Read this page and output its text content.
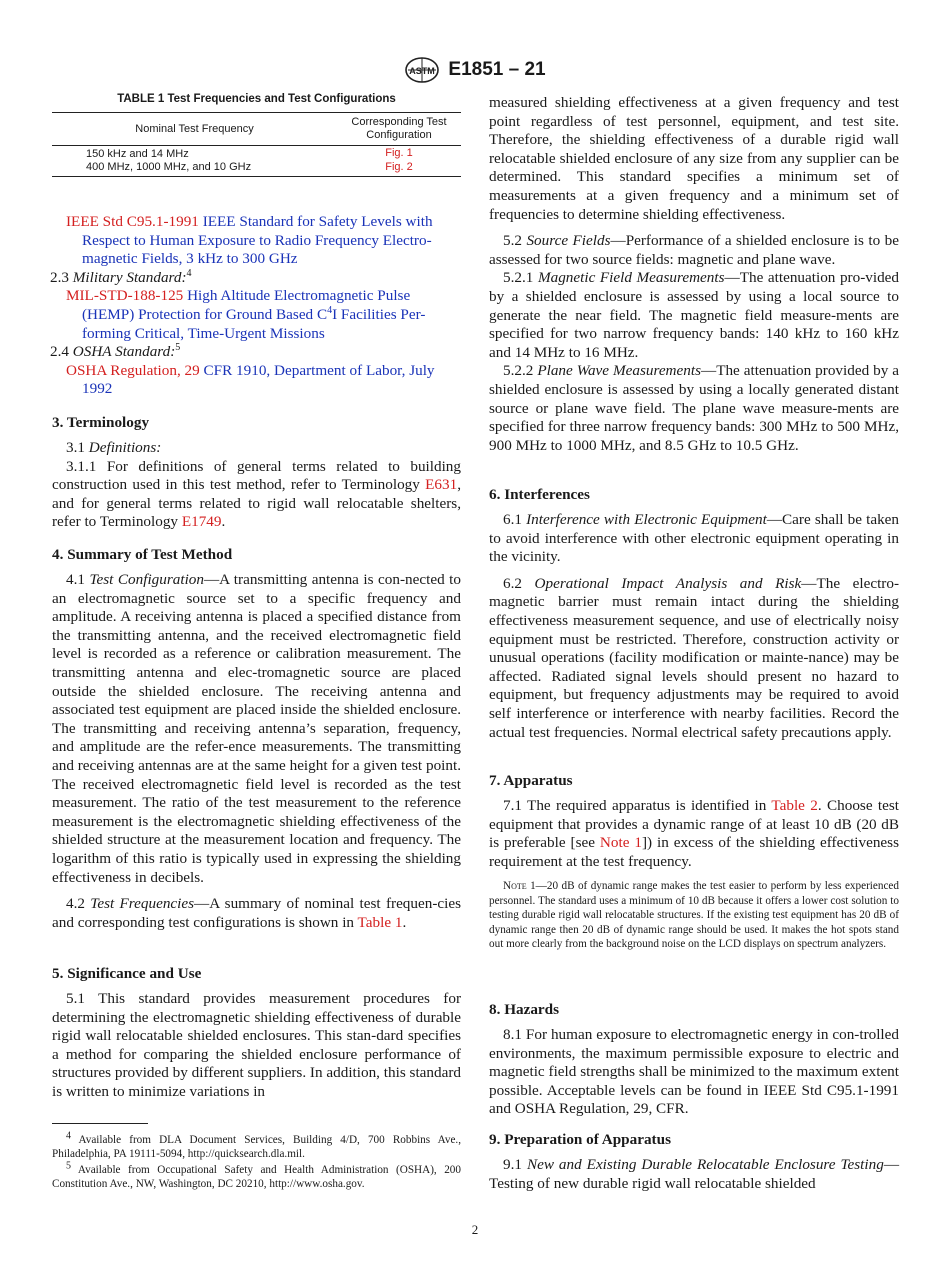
ASTM E1851 – 21
TABLE 1 Test Frequencies and Test Configurations
Nominal Test Frequency	Corresponding Test Configuration
150 kHz and 14 MHz	Fig. 1
400 MHz, 1000 MHz, and 10 GHz	Fig. 2

IEEE Std C95.1-1991 IEEE Standard for Safety Levels with Respect to Human Exposure to Radio Frequency Electro-magnetic Fields, 3 kHz to 300 GHz

2.3 Military Standard:$^4$

MIL-STD-188-125 High Altitude Electromagnetic Pulse (HEMP) Protection for Ground Based $C^4I$ Facilities Per-forming Critical, Time-Urgent Missions

2.4 OSHA Standard:$^5$

OSHA Regulation, 29 CFR 1910, Department of Labor, July 1992

3. Terminology

3.1 Definitions:

3.1.1 For definitions of general terms related to building construction used in this test method, refer to Terminology E631, and for general terms related to rigid wall relocatable shelters, refer to Terminology E1749.

4. Summary of Test Method

4.1 Test Configuration—A transmitting antenna is con-nected to an electromagnetic source set to a specific frequency and amplitude. A receiving antenna is placed a specified distance from the transmitting antenna, and the received electromagnetic field level is recorded as a reference or calibration measurement. The transmitting antenna and elec-tromagnetic source are placed outside the shielded enclosure. The receiving antenna and associated test equipment are placed inside the shielded enclosure. The transmitting and receiving antenna’s separation, frequency, and amplitude are the refer-ence measurements. The transmitting and receiving antennas are at the same height for a given test point. The received electromagnetic field level is recorded as the test measurement. The ratio of the test measurement to the reference measurement is the electromagnetic shielding effectiveness of the shielded structure at the measurement location and frequency. The logarithm of this ratio is typically used in expressing the shielding effectiveness in decibels.

4.2 Test Frequencies—A summary of nominal test frequen-cies and corresponding test configurations is shown in Table 1.

5. Significance and Use

5.1 This standard provides measurement procedures for determining the electromagnetic shielding effectiveness of durable rigid wall relocatable shielded enclosures. This stan-dard specifies a method for comparing the shielded enclosure performance of structures provided by different suppliers. In addition, this standard is written to minimize variations in

$^4$ Available from DLA Document Services, Building 4/D, 700 Robbins Ave., Philadelphia, PA 19111-5094, http://quicksearch.dla.mil.

$^5$ Available from Occupational Safety and Health Administration (OSHA), 200 Constitution Ave., NW, Washington, DC 20210, http://www.osha.gov.

measured shielding effectiveness at a given frequency and test point regardless of test personnel, equipment, and test site. Therefore, the shielding effectiveness of a durable rigid wall relocatable shielded enclosure of any size from any supplier can be determined. This standard specifies a minimum set of measurements at a given frequency and a minimum set of frequencies to determine shielding effectiveness.

5.2 Source Fields—Performance of a shielded enclosure is to be assessed for two source fields: magnetic and plane wave.

5.2.1 Magnetic Field Measurements—The attenuation pro-vided by a shielded enclosure is assessed by using a local source to generate the near field. The magnetic field measure-ments are specified for two narrow frequency bands: 140 kHz to 160 kHz and 14 MHz to 16 MHz.

5.2.2 Plane Wave Measurements—The attenuation provided by a shielded enclosure is assessed by using a locally generated distant source or plane wave field. The plane wave measure-ments are specified for three narrow frequency bands: 300 MHz to 500 MHz, 900 MHz to 1000 MHz, and 8.5 GHz to 10.5 GHz.

6. Interferences

6.1 Interference with Electronic Equipment—Care shall be taken to avoid interference with other electronic equipment operating in the vicinity.

6.2 Operational Impact Analysis and Risk—The electro-magnetic barrier must remain intact during the shielding effectiveness measurement sequence, and use of electrically noisy equipment must be restricted. Therefore, construction activity or unusual operations (facility modification or mainte-nance) may be affected. Radiated signal levels should present no hazard to equipment, but frequency adjustments may be required to avoid self interference or interference with nearby facilities. Record the actual test frequencies. Normal electrical safety precautions apply.

7. Apparatus

7.1 The required apparatus is identified in Table 2. Choose test equipment that provides a dynamic range of at least 10 dB (20 dB is preferable [see Note 1]) in excess of the shielding effectiveness requirement at the test frequency.

Note 1—20 dB of dynamic range makes the test easier to perform by less experienced personnel. The standard uses a minimum of 10 dB because it offers a lower cost solution to testing durable rigid wall relocatable structures. If the existing test equipment has 20 dB of dynamic range then 20 dB of dynamic range should be used. It makes the hot spots stand out more clearly from the background noise on the LCD displays on spectrum analyzers.

8. Hazards

8.1 For human exposure to electromagnetic energy in con-trolled environments, the maximum permissible exposure to electric and magnetic field strengths shall be minimized to the maximum extent possible. Acceptable levels can be found in IEEE Std C95.1-1991 and OSHA Regulation, 29, CFR.

9. Preparation of Apparatus

9.1 New and Existing Durable Relocatable Enclosure Testing—Testing of new durable rigid wall relocatable shielded

2
